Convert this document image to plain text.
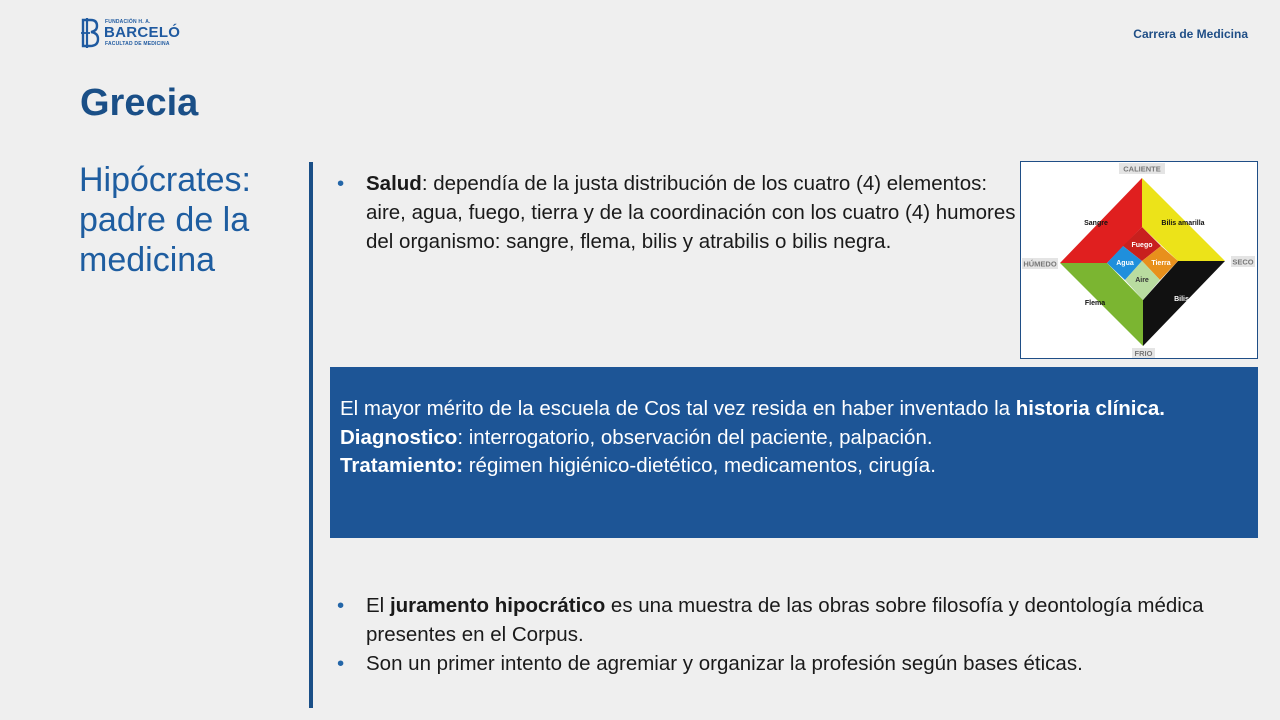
FUNDACIÓN H. A.
BARCELÓ
FACULTAD DE MEDICINA
Carrera de Medicina
Grecia
Hipócrates: padre de la medicina
• Salud: dependía de la justa distribución de los cuatro (4) elementos: aire, agua, fuego, tierra y de la coordinación con los cuatro (4) humores del organismo: sangre, flema, bilis y atrabilis o bilis negra.
CALIENTE
HÚMEDO	SECO
FRIO
Sangre	Bilis amarilla
Flema
Bilis negra
Fuego
Agua	Tierra
Aire

El mayor mérito de la escuela de Cos tal vez resida en haber inventado la historia clínica.

Diagnostico: interrogatorio, observación del paciente, palpación.

Tratamiento: régimen higiénico-dietético, medicamentos, cirugía.

• El juramento hipocrático es una muestra de las obras sobre filosofía y deontología médica presentes en el Corpus.
• Son un primer intento de agremiar y organizar la profesión según bases éticas.
